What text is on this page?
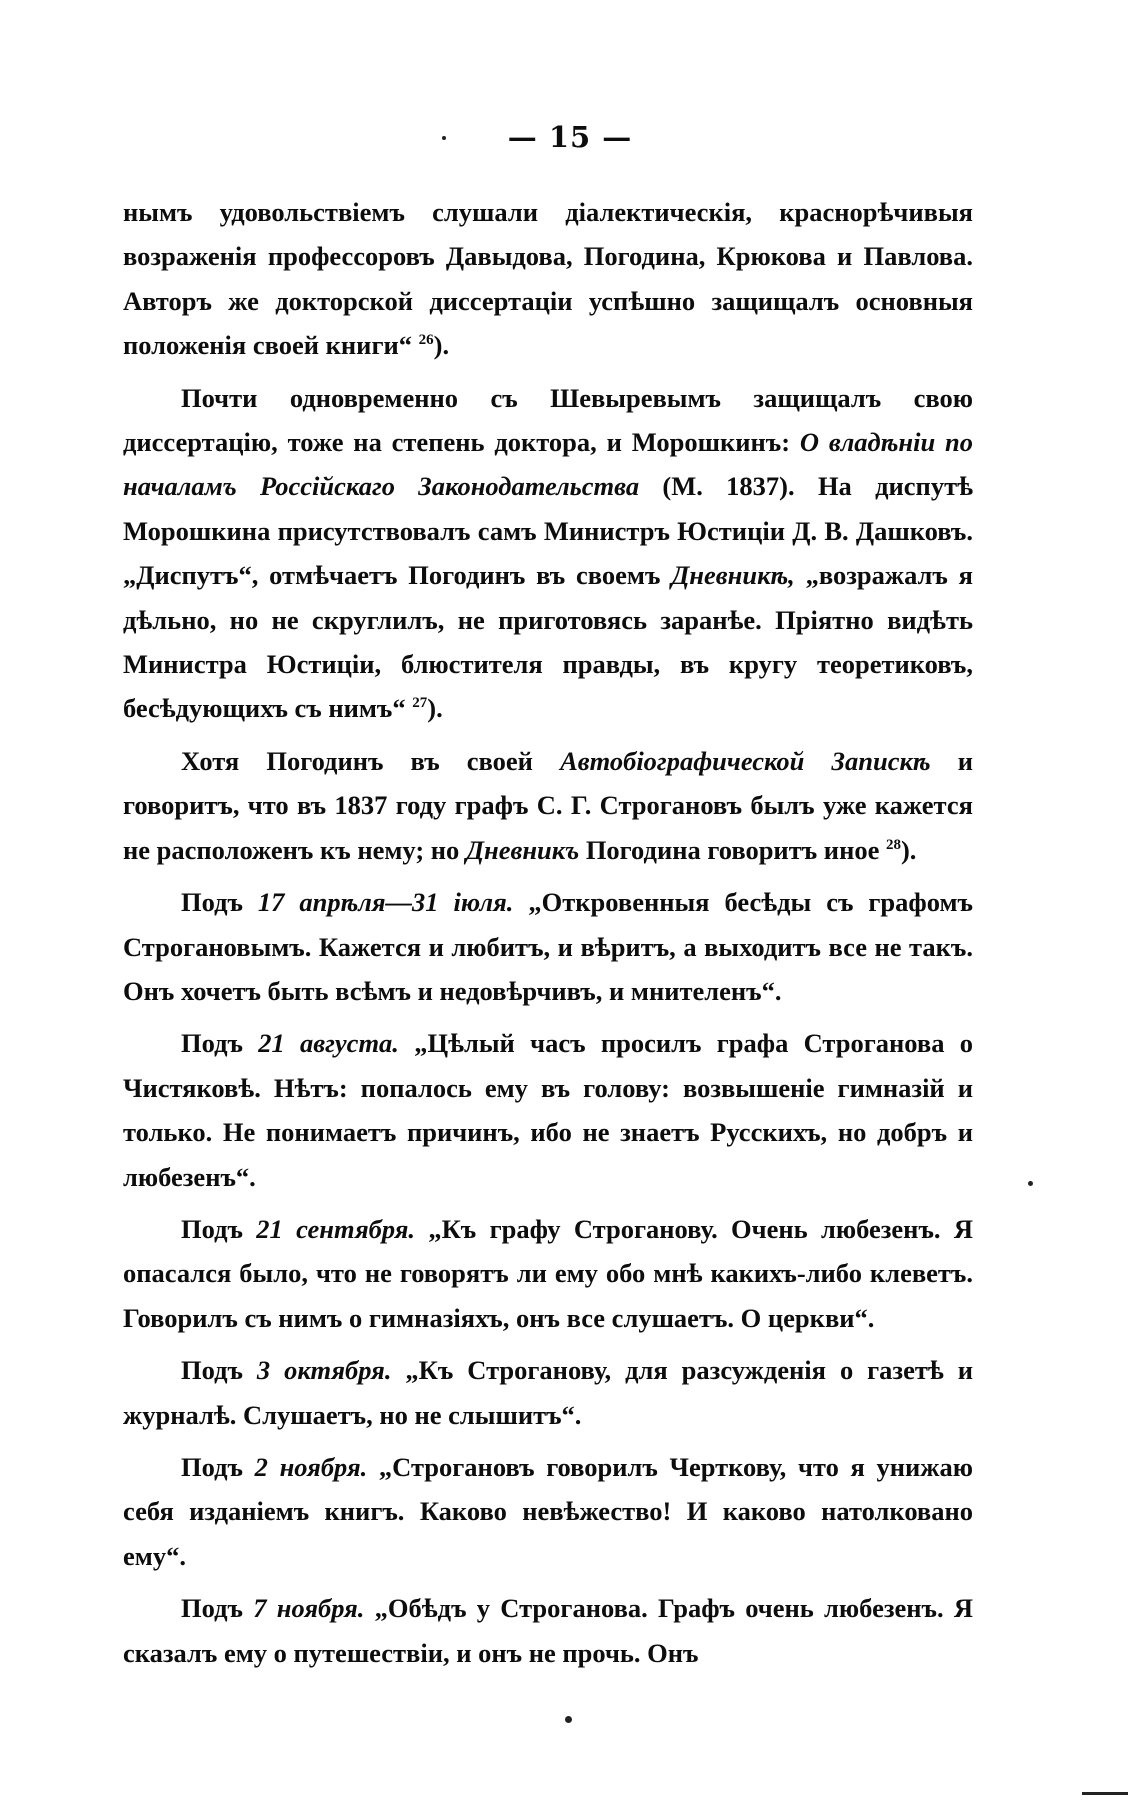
— 15 —

нымъ удовольствіемъ слушали діалектическія, краснорѣчивыя возраженія профессоровъ Давыдова, Погодина, Крюкова и Павлова. Авторъ же докторской диссертаціи успѣшно защищалъ основныя положенія своей книги“ $^{26}$).

Почти одновременно съ Шевыревымъ защищалъ свою диссертацію, тоже на степень доктора, и Морошкинъ: О владѣніи по началамъ Россійскаго Законодательства (М. 1837). На диспутѣ Морошкина присутствовалъ самъ Министръ Юстиціи Д. В. Дашковъ. „Диспутъ“, отмѣчаетъ Погодинъ въ своемъ Дневникѣ, „возражалъ я дѣльно, но не скруглилъ, не приготовясь заранѣе. Пріятно видѣть Министра Юстиціи, блюстителя правды, въ кругу теоретиковъ, бесѣдующихъ съ нимъ“ $^{27}$).

Хотя Погодинъ въ своей Автобіографической Запискѣ и говоритъ, что въ 1837 году графъ С. Г. Строгановъ былъ уже кажется не расположенъ къ нему; но Дневникъ Погодина говоритъ иное $^{28}$).

Подъ 17 апрѣля—31 іюля. „Откровенныя бесѣды съ графомъ Строгановымъ. Кажется и любитъ, и вѣритъ, а выходитъ все не такъ. Онъ хочетъ быть всѣмъ и недовѣрчивъ, и мнителенъ“.

Подъ 21 августа. „Цѣлый часъ просилъ графа Строганова о Чистяковѣ. Нѣтъ: попалось ему въ голову: возвышеніе гимназій и только. Не понимаетъ причинъ, ибо не знаетъ Русскихъ, но добръ и любезенъ“.

Подъ 21 сентября. „Къ графу Строганову. Очень любезенъ. Я опасался было, что не говорятъ ли ему обо мнѣ какихъ-либо клеветъ. Говорилъ съ нимъ о гимназіяхъ, онъ все слушаетъ. О церкви“.

Подъ 3 октября. „Къ Строганову, для разсужденія о газетѣ и журналѣ. Слушаетъ, но не слышитъ“.

Подъ 2 ноября. „Строгановъ говорилъ Черткову, что я унижаю себя изданіемъ книгъ. Каково невѣжество! И каково натолковано ему“.

Подъ 7 ноября. „Обѣдъ у Строганова. Графъ очень любезенъ. Я сказалъ ему о путешествіи, и онъ не прочь. Онъ
